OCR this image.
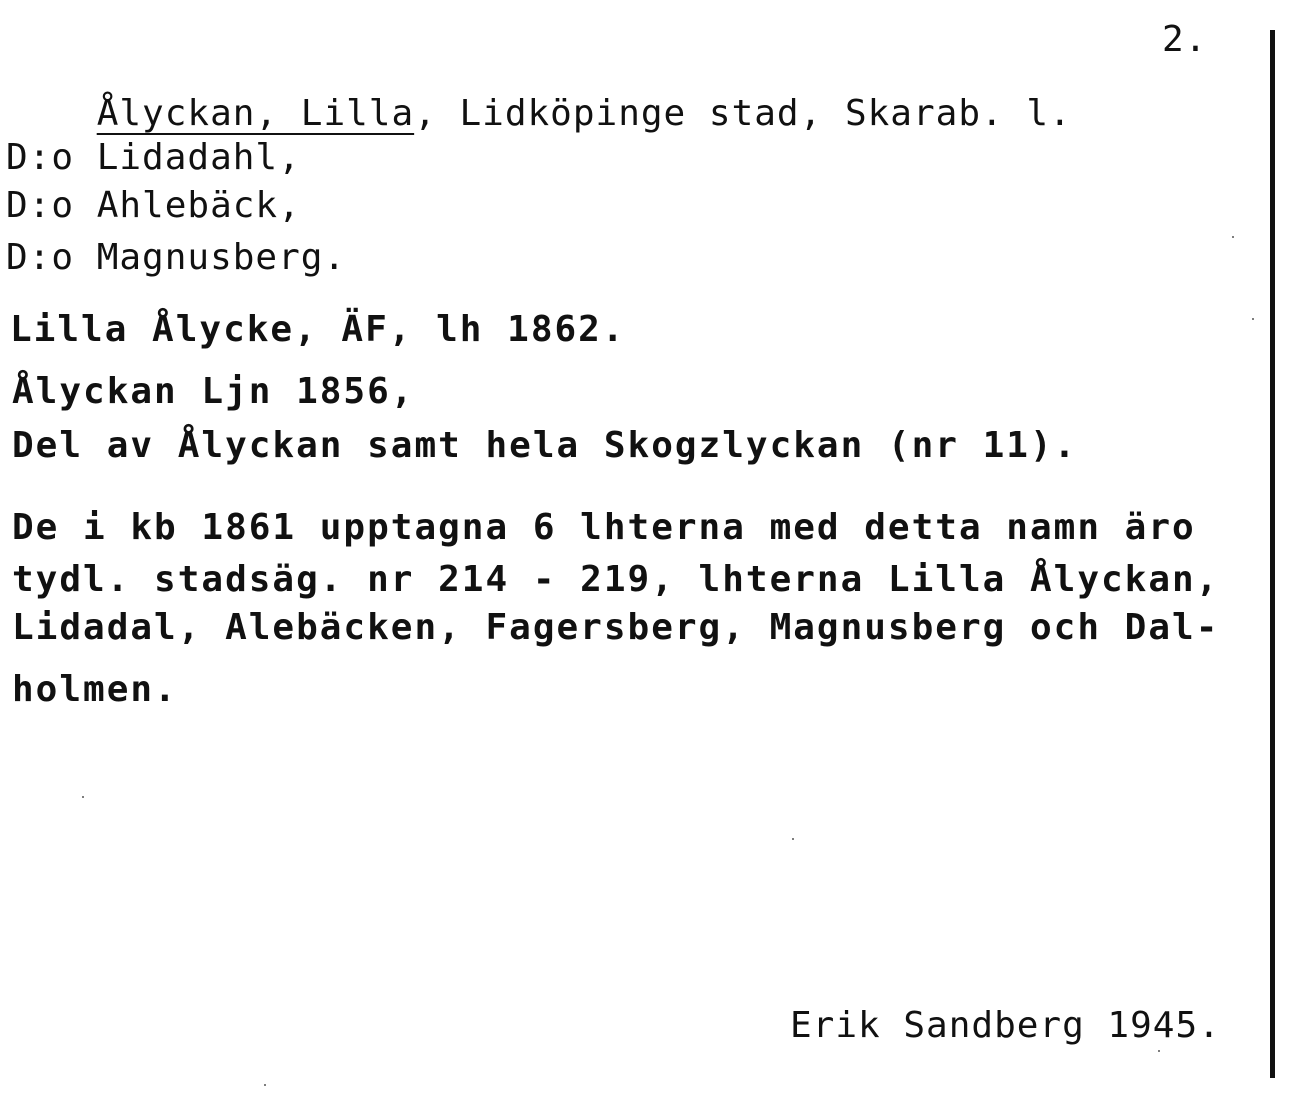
2.

Ålyckan, Lilla, Lidköpinge stad, Skarab. l.

D:o Lidadahl,
D:o Ahlebäck,
D:o Magnusberg.
Lilla Ålycke, ÄF, lh 1862.
Ålyckan Ljn 1856,
Del av Ålyckan samt hela Skogzlyckan (nr 11).
De i kb 1861 upptagna 6 lhterna med detta namn äro
tydl. stadsäg. nr 214 - 219, lhterna Lilla Ålyckan,
Lidadal, Alebäcken, Fagersberg, Magnusberg och Dal-
holmen.
Erik Sandberg 1945.
